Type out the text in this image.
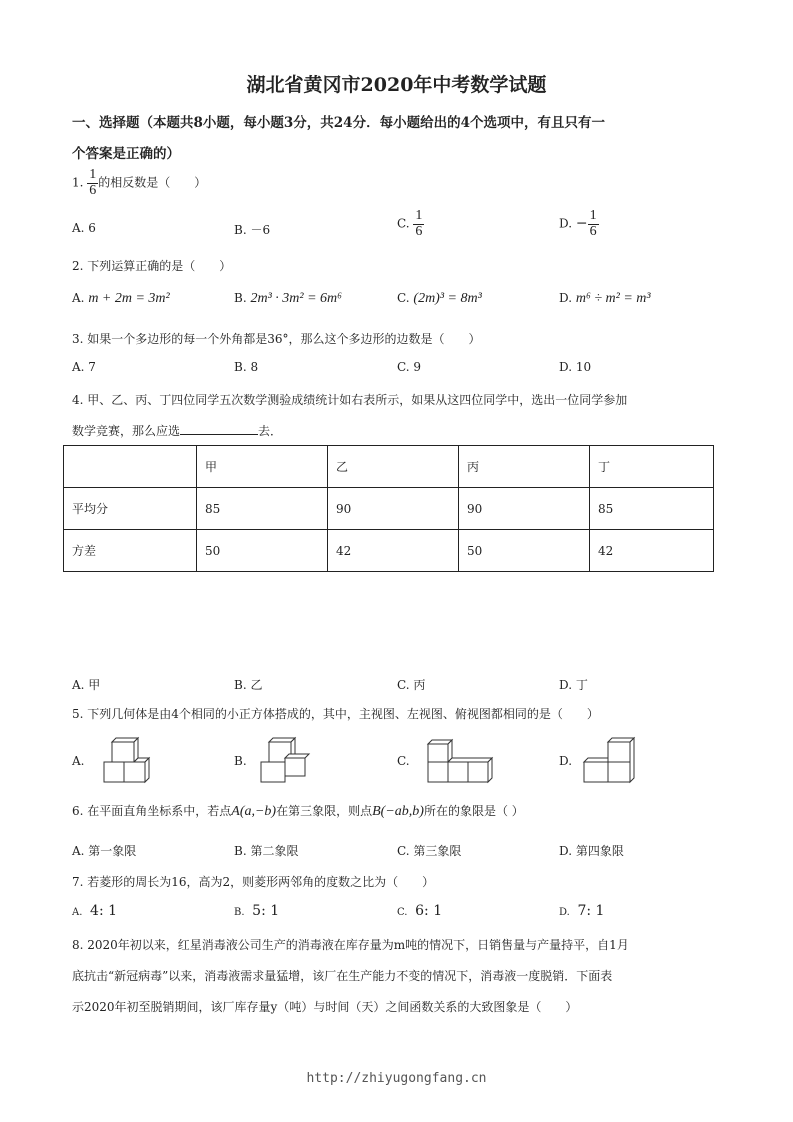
湖北省黄冈市2020年中考数学试题
一、选择题（本题共8小题，每小题3分，共24分．每小题给出的4个选项中，有且只有一
个答案是正确的）
1. $\frac{1}{6}$ 的相反数是（　　）
A. 6	B. －6	C. $\frac{1}{6}$	D. − $\frac{1}{6}$
2. 下列运算正确的是（　　）
A. m + 2m = 3m²	B. 2m³ · 3m² = 6m⁶	C. (2m)³ = 8m³	D. m⁶ ÷ m² = m³
3. 如果一个多边形的每一个外角都是36°，那么这个多边形的边数是（　　）
A. 7	B. 8	C. 9	D. 10
4. 甲、乙、丙、丁四位同学五次数学测验成绩统计如右表所示，如果从这四位同学中，选出一位同学参加
数学竞赛，那么应选	去．
	甲	乙	丙	丁
平均分	85	90	90	85
方差	50	42	50	42
A. 甲	B. 乙	C. 丙	D. 丁
5. 下列几何体是由4个相同的小正方体搭成的，其中，主视图、左视图、俯视图都相同的是（　　）
A.	B.	C.	D.
6. 在平面直角坐标系中，若点A(a,−b)在第三象限，则点B(−ab,b)所在的象限是（ ）
A. 第一象限	B. 第二象限	C. 第三象限	D. 第四象限
7. 若菱形的周长为16，高为2，则菱形两邻角的度数之比为（　　）
A. 4: 1	B. 5: 1	C. 6: 1	D. 7: 1
8. 2020年初以来，红星消毒液公司生产的消毒液在库存量为m吨的情况下，日销售量与产量持平，自1月
底抗击“新冠病毒”以来，消毒液需求量猛增，该厂在生产能力不变的情况下，消毒液一度脱销．下面表
示2020年初至脱销期间，该厂库存量y（吨）与时间（天）之间函数关系的大致图象是（　　）
http://zhiyugongfang.cn
